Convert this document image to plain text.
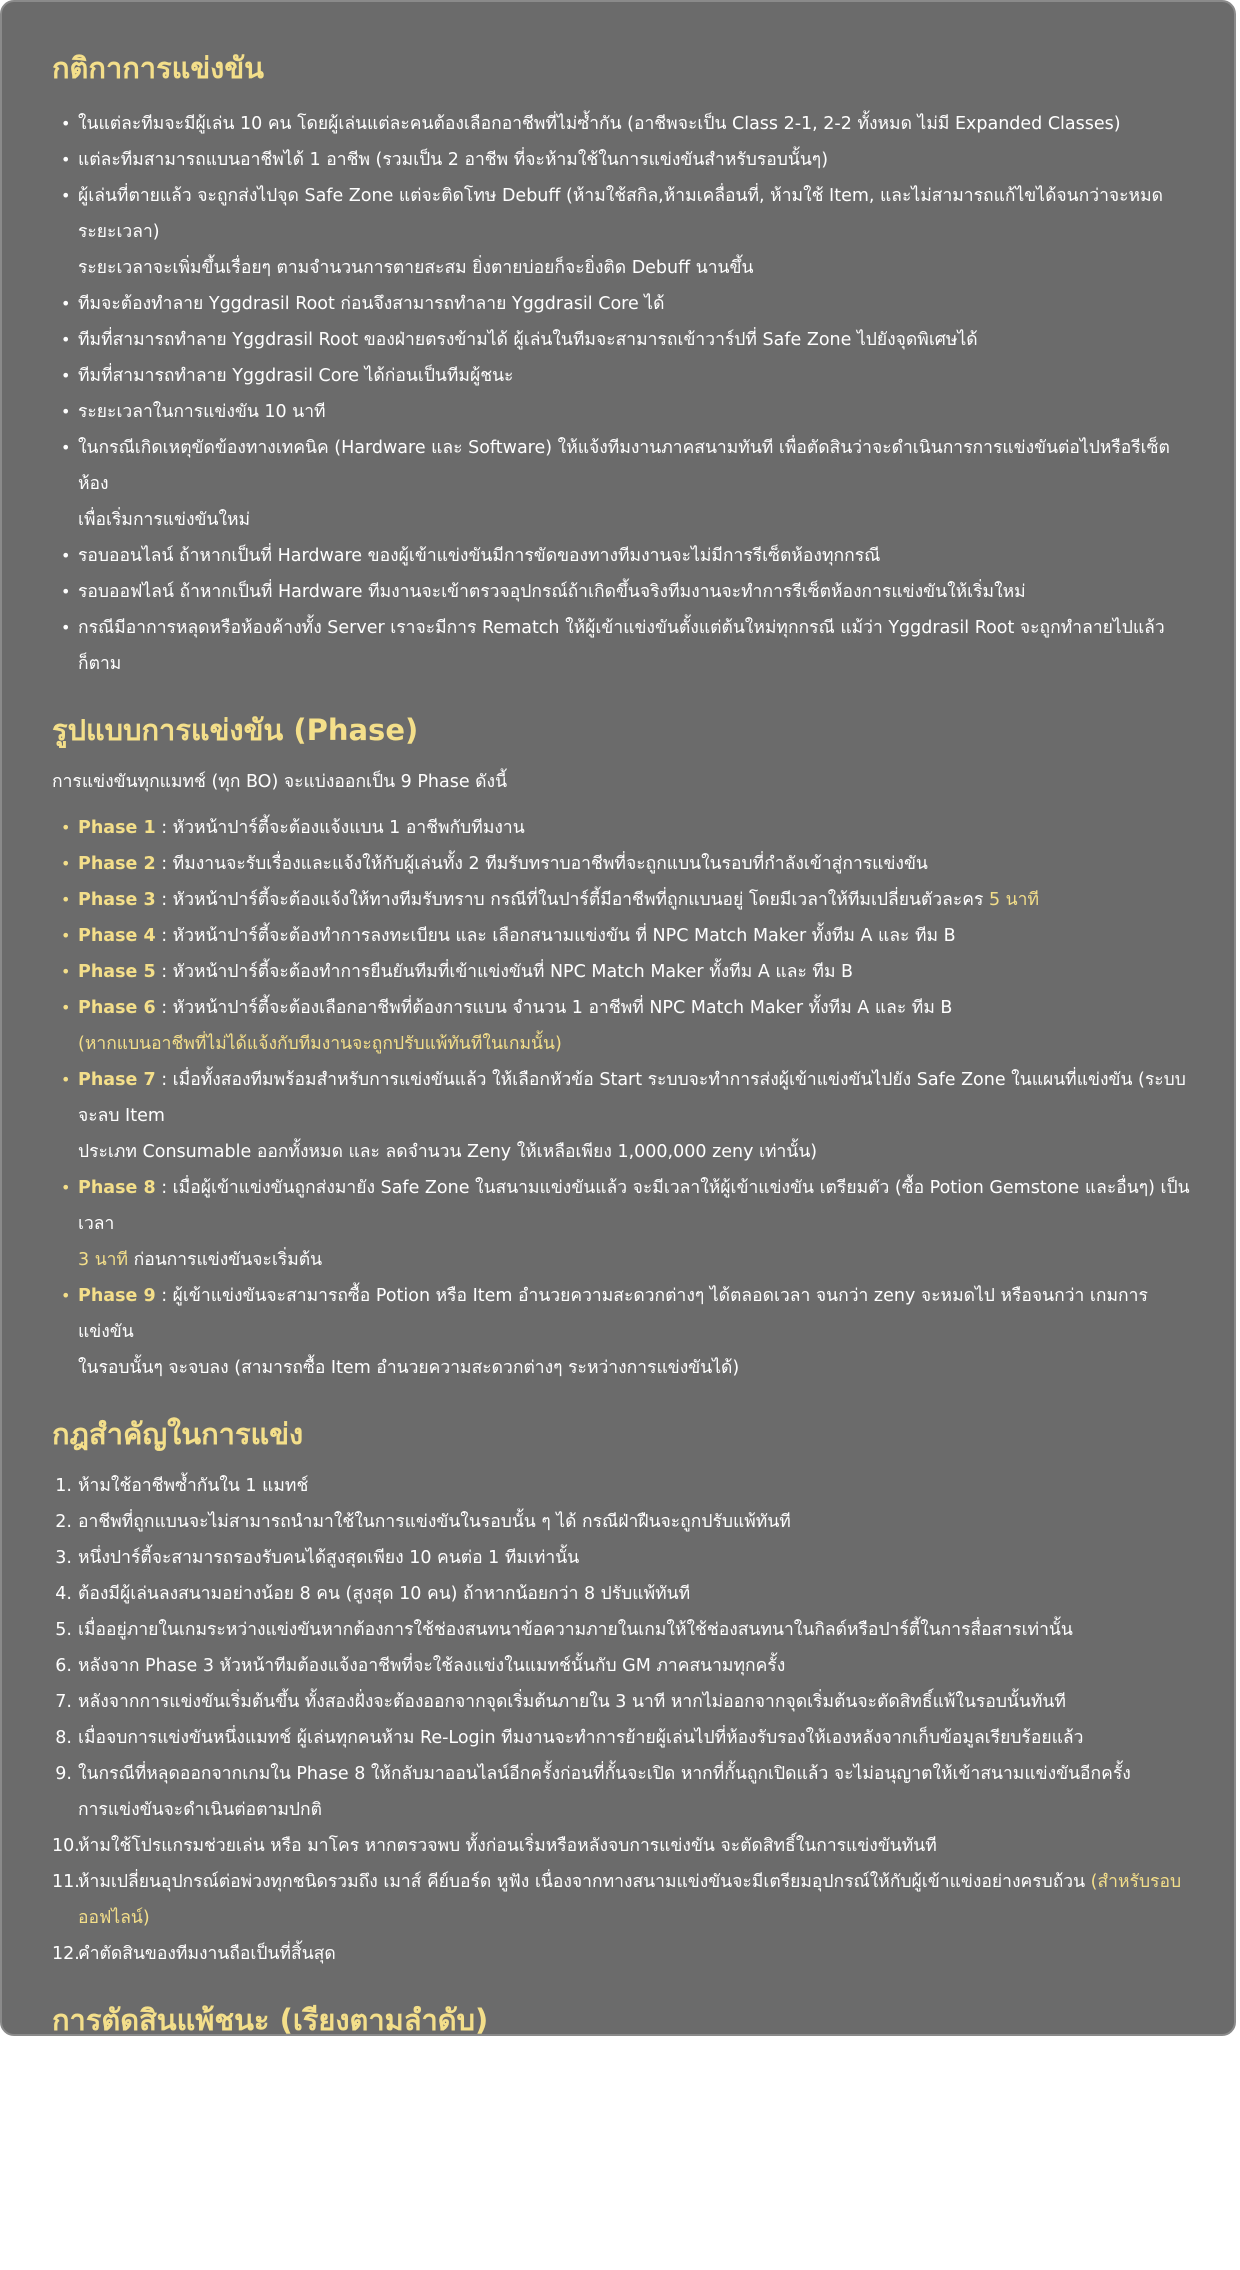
กติกาการแข่งขัน
• ในแต่ละทีมจะมีผู้เล่น 10 คน โดยผู้เล่นแต่ละคนต้องเลือกอาชีพที่ไม่ซ้ำกัน (อาชีพจะเป็น Class 2-1, 2-2 ทั้งหมด ไม่มี Expanded Classes)
• แต่ละทีมสามารถแบนอาชีพได้ 1 อาชีพ (รวมเป็น 2 อาชีพ ที่จะห้ามใช้ในการแข่งขันสำหรับรอบนั้นๆ)
• ผู้เล่นที่ตายแล้ว จะถูกส่งไปจุด Safe Zone แต่จะติดโทษ Debuff (ห้ามใช้สกิล,ห้ามเคลื่อนที่, ห้ามใช้ Item, และไม่สามารถแก้ไขได้จนกว่าจะหมดระยะเวลา)
ระยะเวลาจะเพิ่มขึ้นเรื่อยๆ ตามจำนวนการตายสะสม ยิ่งตายบ่อยก็จะยิ่งติด Debuff นานขึ้น
• ทีมจะต้องทำลาย Yggdrasil Root ก่อนจึงสามารถทำลาย Yggdrasil Core ได้
• ทีมที่สามารถทำลาย Yggdrasil Root ของฝ่ายตรงข้ามได้ ผู้เล่นในทีมจะสามารถเข้าวาร์ปที่ Safe Zone ไปยังจุดพิเศษได้
• ทีมที่สามารถทำลาย Yggdrasil Core ได้ก่อนเป็นทีมผู้ชนะ
• ระยะเวลาในการแข่งขัน 10 นาที
• ในกรณีเกิดเหตุขัดข้องทางเทคนิค (Hardware และ Software) ให้แจ้งทีมงานภาคสนามทันที เพื่อตัดสินว่าจะดำเนินการการแข่งขันต่อไปหรือรีเซ็ตห้อง
เพื่อเริ่มการแข่งขันใหม่
• รอบออนไลน์ ถ้าหากเป็นที่ Hardware ของผู้เข้าแข่งขันมีการขัดของทางทีมงานจะไม่มีการรีเซ็ตห้องทุกกรณี
• รอบออฟไลน์ ถ้าหากเป็นที่ Hardware ทีมงานจะเข้าตรวจอุปกรณ์ถ้าเกิดขึ้นจริงทีมงานจะทำการรีเซ็ตห้องการแข่งขันให้เริ่มใหม่
• กรณีมีอาการหลุดหรือห้องค้างทั้ง Server เราจะมีการ Rematch ให้ผู้เข้าแข่งขันตั้งแต่ต้นใหม่ทุกกรณี แม้ว่า Yggdrasil Root จะถูกทำลายไปแล้วก็ตาม
รูปแบบการแข่งขัน (Phase)

การแข่งขันทุกแมทช์ (ทุก BO) จะแบ่งออกเป็น 9 Phase ดังนี้

• Phase 1 : หัวหน้าปาร์ตี้จะต้องแจ้งแบน 1 อาชีพกับทีมงาน
• Phase 2 : ทีมงานจะรับเรื่องและแจ้งให้กับผู้เล่นทั้ง 2 ทีมรับทราบอาชีพที่จะถูกแบนในรอบที่กำลังเข้าสู่การแข่งขัน
• Phase 3 : หัวหน้าปาร์ตี้จะต้องแจ้งให้ทางทีมรับทราบ กรณีที่ในปาร์ตี้มีอาชีพที่ถูกแบนอยู่ โดยมีเวลาให้ทีมเปลี่ยนตัวละคร 5 นาที
• Phase 4 : หัวหน้าปาร์ตี้จะต้องทำการลงทะเบียน และ เลือกสนามแข่งขัน ที่ NPC Match Maker ทั้งทีม A และ ทีม B
• Phase 5 : หัวหน้าปาร์ตี้จะต้องทำการยืนยันทีมที่เข้าแข่งขันที่ NPC Match Maker ทั้งทีม A และ ทีม B
• Phase 6 : หัวหน้าปาร์ตี้จะต้องเลือกอาชีพที่ต้องการแบน จำนวน 1 อาชีพที่ NPC Match Maker ทั้งทีม A และ ทีม B
(หากแบนอาชีพที่ไม่ได้แจ้งกับทีมงานจะถูกปรับแพ้ทันทีในเกมนั้น)
• Phase 7 : เมื่อทั้งสองทีมพร้อมสำหรับการแข่งขันแล้ว ให้เลือกหัวข้อ Start ระบบจะทำการส่งผู้เข้าแข่งขันไปยัง Safe Zone ในแผนที่แข่งขัน (ระบบจะลบ Item
ประเภท Consumable ออกทั้งหมด และ ลดจำนวน Zeny ให้เหลือเพียง 1,000,000 zeny เท่านั้น)
• Phase 8 : เมื่อผู้เข้าแข่งขันถูกส่งมายัง Safe Zone ในสนามแข่งขันแล้ว จะมีเวลาให้ผู้เข้าแข่งขัน เตรียมตัว (ซื้อ Potion Gemstone และอื่นๆ) เป็นเวลา
3 นาที ก่อนการแข่งขันจะเริ่มต้น
• Phase 9 : ผู้เข้าแข่งขันจะสามารถซื้อ Potion หรือ Item อำนวยความสะดวกต่างๆ ได้ตลอดเวลา จนกว่า zeny จะหมดไป หรือจนกว่า เกมการแข่งขัน
ในรอบนั้นๆ จะจบลง (สามารถซื้อ Item อำนวยความสะดวกต่างๆ ระหว่างการแข่งขันได้)
กฎสำคัญในการแข่ง
1. ห้ามใช้อาชีพซ้ำกันใน 1 แมทช์
2. อาชีพที่ถูกแบนจะไม่สามารถนำมาใช้ในการแข่งขันในรอบนั้น ๆ ได้ กรณีฝ่าฝืนจะถูกปรับแพ้ทันที
3. หนึ่งปาร์ตี้จะสามารถรองรับคนได้สูงสุดเพียง 10 คนต่อ 1 ทีมเท่านั้น
4. ต้องมีผู้เล่นลงสนามอย่างน้อย 8 คน (สูงสุด 10 คน) ถ้าหากน้อยกว่า 8 ปรับแพ้ทันที
5. เมื่ออยู่ภายในเกมระหว่างแข่งขันหากต้องการใช้ช่องสนทนาข้อความภายในเกมให้ใช้ช่องสนทนาในกิลด์หรือปาร์ตี้ในการสื่อสารเท่านั้น
6. หลังจาก Phase 3 หัวหน้าทีมต้องแจ้งอาชีพที่จะใช้ลงแข่งในแมทช์นั้นกับ GM ภาคสนามทุกครั้ง
7. หลังจากการแข่งขันเริ่มต้นขึ้น ทั้งสองฝั่งจะต้องออกจากจุดเริ่มต้นภายใน 3 นาที หากไม่ออกจากจุดเริ่มต้นจะตัดสิทธิ์แพ้ในรอบนั้นทันที
8. เมื่อจบการแข่งขันหนึ่งแมทช์ ผู้เล่นทุกคนห้าม Re-Login ทีมงานจะทำการย้ายผู้เล่นไปที่ห้องรับรองให้เองหลังจากเก็บข้อมูลเรียบร้อยแล้ว
9. ในกรณีที่หลุดออกจากเกมใน Phase 8 ให้กลับมาออนไลน์อีกครั้งก่อนที่กั้นจะเปิด หากที่กั้นถูกเปิดแล้ว จะไม่อนุญาตให้เข้าสนามแข่งขันอีกครั้ง
การแข่งขันจะดำเนินต่อตามปกติ
10.
ห้ามใช้โปรแกรมช่วยเล่น หรือ มาโคร หากตรวจพบ ทั้งก่อนเริ่มหรือหลังจบการแข่งขัน จะตัดสิทธิ์ในการแข่งขันทันที
11.
ห้ามเปลี่ยนอุปกรณ์ต่อพ่วงทุกชนิดรวมถึง เมาส์ คีย์บอร์ด หูฟัง เนื่องจากทางสนามแข่งขันจะมีเตรียมอุปกรณ์ให้กับผู้เข้าแข่งอย่างครบถ้วน (สำหรับรอบออฟไลน์)
12.
คำตัดสินของทีมงานถือเป็นที่สิ้นสุด
การตัดสินแพ้ชนะ (เรียงตามลำดับ)
1. ภายใน 10 นาที ทีมที่ทำลายป้อม Yggdrasil Core ของทีมฝ่ายตรงข้ามได้ก่อนจะเป็นผู้ชนะ
2. หากภายใน 10 นาทียังไม่สามารถทำลายป้อม Yggdrasil Core อีกฝ่ายได้ จะนับจำนวนกำจัดรวมของแต่ละทีม และคะแนนจากป้อม Yggdrasil Root
ทีมใดรวมคะแนนได้มากกว่า จะเป็นผู้ชนะ
3. ในกรณีที่คะแนนการกำจัดผู้เล่นรวมเท่ากัน จะดูเลือด Yggdrasil Root เหลือมากที่สุดจะเป็นผู้ชนะใน BO นั้นๆ
4. ในกรณีที่คะแนนการกำจัดผู้เล่นและคะแนนจากป้อม Yggdrasil Root รวมแล้วเท่ากันให้ดูเลือด Yggdrasil Core เหลือมากที่สุดจะเป็นผู้ชนะใน BO นั้นๆ
